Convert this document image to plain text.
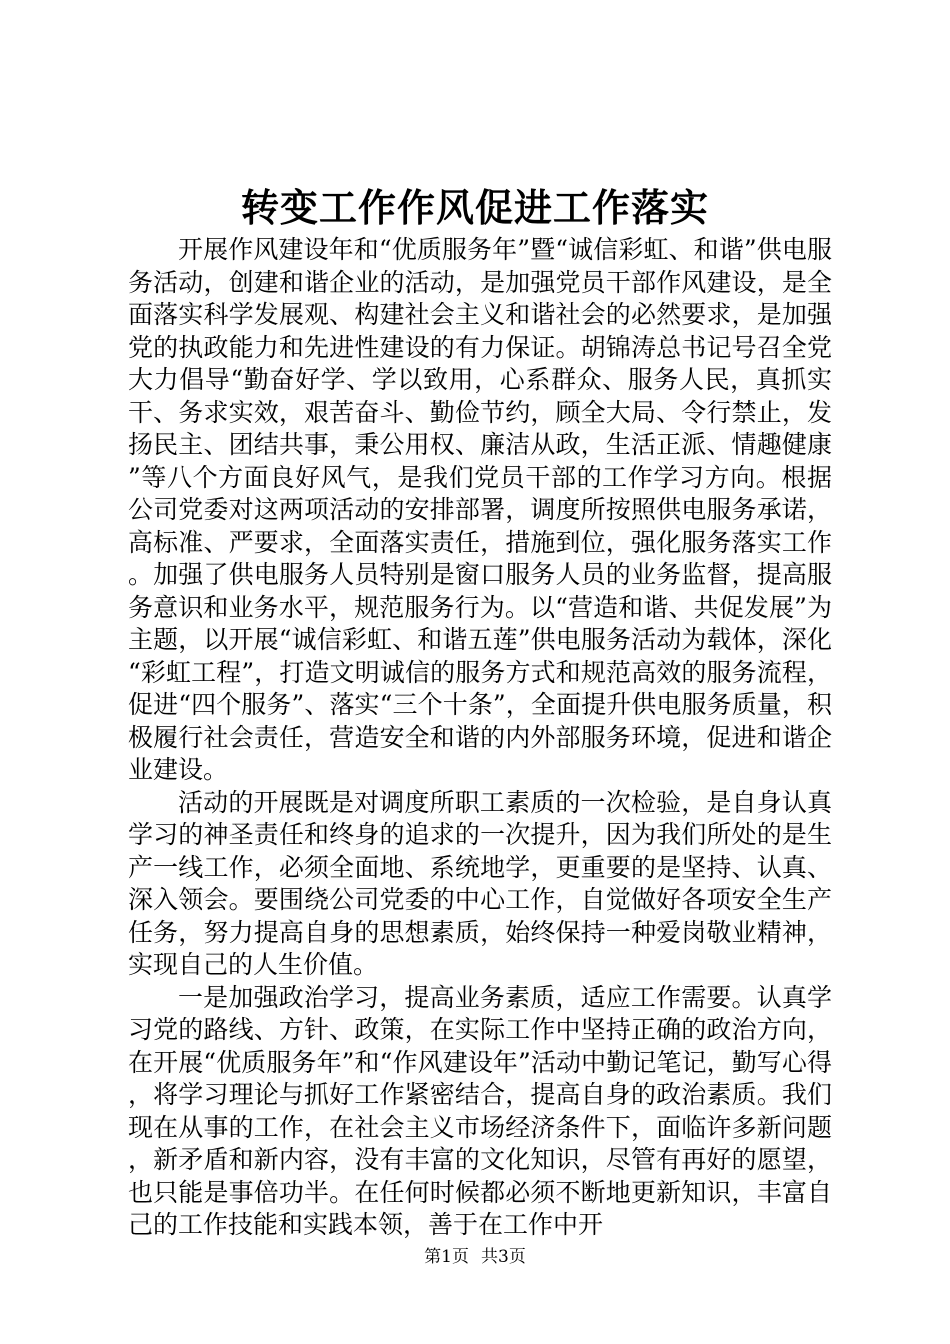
转变工作作风促进工作落实

开展作风建设年和“优质服务年”暨“诚信彩虹、和谐”供电服务活动，创建和谐企业的活动，是加强党员干部作风建设，是全面落实科学发展观、构建社会主义和谐社会的必然要求，是加强党的执政能力和先进性建设的有力保证。胡锦涛总书记号召全党大力倡导“勤奋好学、学以致用，心系群众、服务人民，真抓实干、务求实效，艰苦奋斗、勤俭节约，顾全大局、令行禁止，发扬民主、团结共事，秉公用权、廉洁从政，生活正派、情趣健康”等八个方面良好风气，是我们党员干部的工作学习方向。根据公司党委对这两项活动的安排部署，调度所按照供电服务承诺，高标准、严要求，全面落实责任，措施到位，强化服务落实工作。加强了供电服务人员特别是窗口服务人员的业务监督，提高服务意识和业务水平，规范服务行为。以“营造和谐、共促发展”为主题，以开展“诚信彩虹、和谐五莲”供电服务活动为载体，深化“彩虹工程”，打造文明诚信的服务方式和规范高效的服务流程，促进“四个服务”、落实“三个十条”，全面提升供电服务质量，积极履行社会责任，营造安全和谐的内外部服务环境，促进和谐企业建设。

活动的开展既是对调度所职工素质的一次检验，是自身认真学习的神圣责任和终身的追求的一次提升，因为我们所处的是生产一线工作，必须全面地、系统地学，更重要的是坚持、认真、深入领会。要围绕公司党委的中心工作，自觉做好各项安全生产任务，努力提高自身的思想素质，始终保持一种爱岗敬业精神，实现自己的人生价值。

一是加强政治学习，提高业务素质，适应工作需要。认真学习党的路线、方针、政策，在实际工作中坚持正确的政治方向，在开展“优质服务年”和“作风建设年”活动中勤记笔记，勤写心得，将学习理论与抓好工作紧密结合，提高自身的政治素质。我们现在从事的工作，在社会主义市场经济条件下，面临许多新问题，新矛盾和新内容，没有丰富的文化知识，尽管有再好的愿望，也只能是事倍功半。在任何时候都必须不断地更新知识，丰富自己的工作技能和实践本领，善于在工作中开

第1页 共3页
